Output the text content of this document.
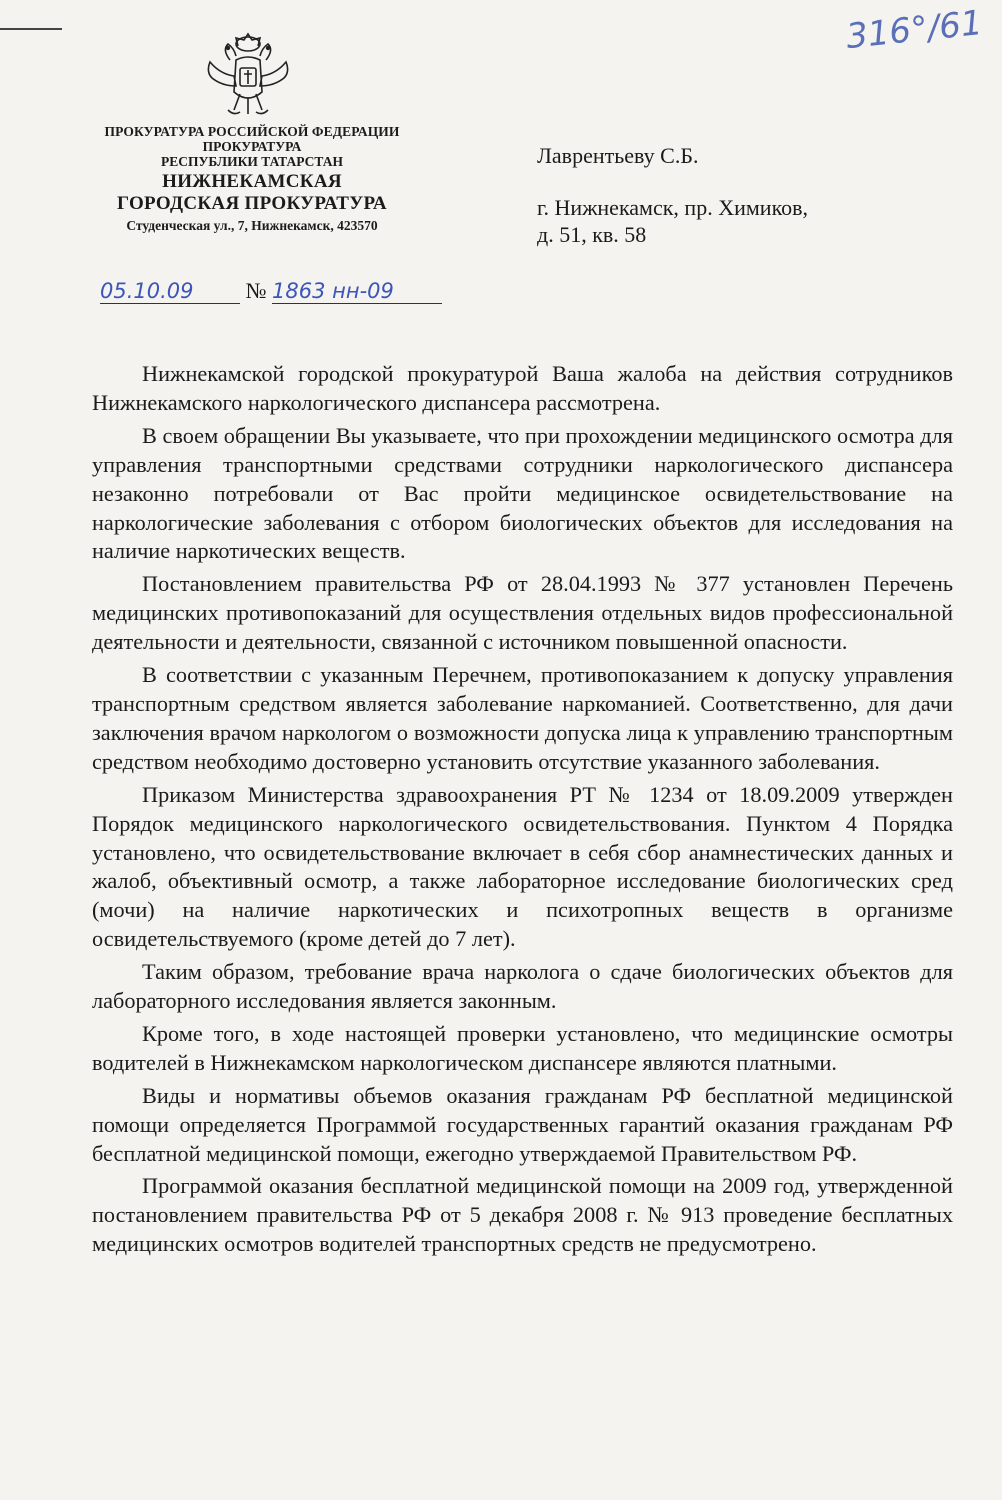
316°/61
ПРОКУРАТУРА РОССИЙСКОЙ ФЕДЕРАЦИИ
ПРОКУРАТУРА
РЕСПУБЛИКИ ТАТАРСТАН
НИЖНЕКАМСКАЯ
ГОРОДСКАЯ ПРОКУРАТУРА
Студенческая ул., 7, Нижнекамск, 423570
Лаврентьеву С.Б.
г. Нижнекамск, пр. Химиков,
д. 51, кв. 58
05.10.09 № 1863 нн-09

Нижнекамской городской прокуратурой Ваша жалоба на действия сотрудников Нижнекамского наркологического диспансера рассмотрена.

В своем обращении Вы указываете, что при прохождении медицинского осмотра для управления транспортными средствами сотрудники наркологического диспансера незаконно потребовали от Вас пройти медицинское освидетельствование на наркологические заболевания с отбором биологических объектов для исследования на наличие наркотических веществ.

Постановлением правительства РФ от 28.04.1993 № 377 установлен Перечень медицинских противопоказаний для осуществления отдельных видов профессиональной деятельности и деятельности, связанной с источником повышенной опасности.

В соответствии с указанным Перечнем, противопоказанием к допуску управления транспортным средством является заболевание наркоманией. Соответственно, для дачи заключения врачом наркологом о возможности допуска лица к управлению транспортным средством необходимо достоверно установить отсутствие указанного заболевания.

Приказом Министерства здравоохранения РТ № 1234 от 18.09.2009 утвержден Порядок медицинского наркологического освидетельствования. Пунктом 4 Порядка установлено, что освидетельствование включает в себя сбор анамнестических данных и жалоб, объективный осмотр, а также лабораторное исследование биологических сред (мочи) на наличие наркотических и психотропных веществ в организме освидетельствуемого (кроме детей до 7 лет).

Таким образом, требование врача нарколога о сдаче биологических объектов для лабораторного исследования является законным.

Кроме того, в ходе настоящей проверки установлено, что медицинские осмотры водителей в Нижнекамском наркологическом диспансере являются платными.

Виды и нормативы объемов оказания гражданам РФ бесплатной медицинской помощи определяется Программой государственных гарантий оказания гражданам РФ бесплатной медицинской помощи, ежегодно утверждаемой Правительством РФ.

Программой оказания бесплатной медицинской помощи на 2009 год, утвержденной постановлением правительства РФ от 5 декабря 2008 г. № 913 проведение бесплатных медицинских осмотров водителей транспортных средств не предусмотрено.
